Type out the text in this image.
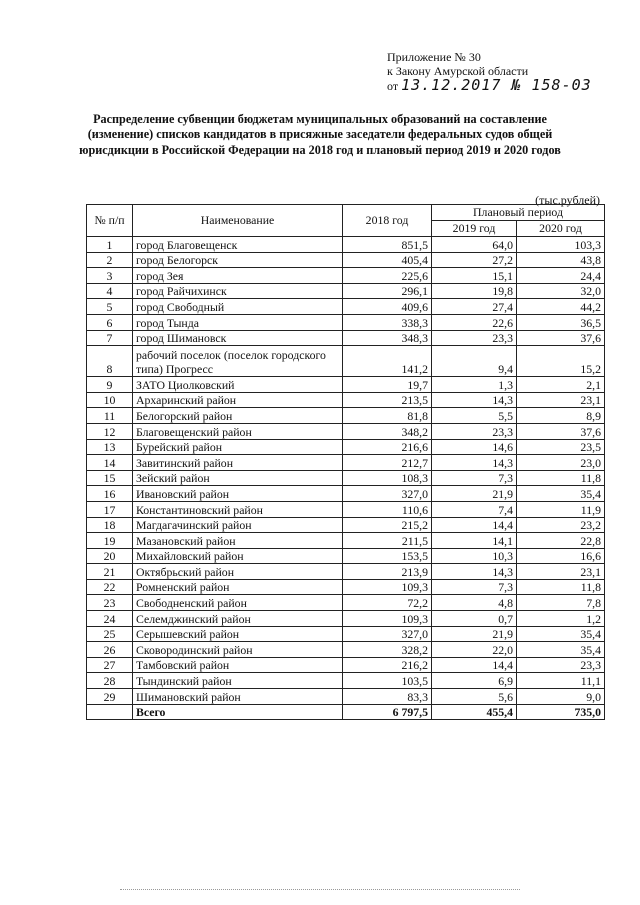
Приложение № 30
к Закону Амурской области
от 13.12.2017 № 158-03
Распределение субвенции бюджетам муниципальных образований на составление (изменение) списков кандидатов в присяжные заседатели федеральных судов общей юрисдикции в Российской Федерации на 2018 год и плановый период 2019 и 2020 годов
(тыс.рублей)
№ п/п	Наименование	2018 год	Плановый период	
			2019 год	2020 год
1	город Благовещенск	851,5	64,0	103,3
2	город Белогорск	405,4	27,2	43,8
3	город Зея	225,6	15,1	24,4
4	город Райчихинск	296,1	19,8	32,0
5	город Свободный	409,6	27,4	44,2
6	город Тында	338,3	22,6	36,5
7	город Шимановск	348,3	23,3	37,6
8	рабочий поселок (поселок городского типа) Прогресс	141,2	9,4	15,2
9	ЗАТО Циолковский	19,7	1,3	2,1
10	Архаринский район	213,5	14,3	23,1
11	Белогорский район	81,8	5,5	8,9
12	Благовещенский район	348,2	23,3	37,6
13	Бурейский район	216,6	14,6	23,5
14	Завитинский район	212,7	14,3	23,0
15	Зейский район	108,3	7,3	11,8
16	Ивановский район	327,0	21,9	35,4
17	Константиновский район	110,6	7,4	11,9
18	Магдагачинский район	215,2	14,4	23,2
19	Мазановский район	211,5	14,1	22,8
20	Михайловский район	153,5	10,3	16,6
21	Октябрьский район	213,9	14,3	23,1
22	Ромненский район	109,3	7,3	11,8
23	Свободненский район	72,2	4,8	7,8
24	Селемджинский район	109,3	0,7	1,2
25	Серышевский район	327,0	21,9	35,4
26	Сковородинский район	328,2	22,0	35,4
27	Тамбовский район	216,2	14,4	23,3
28	Тындинский район	103,5	6,9	11,1
29	Шимановский район	83,3	5,6	9,0
	Всего	6 797,5	455,4	735,0
